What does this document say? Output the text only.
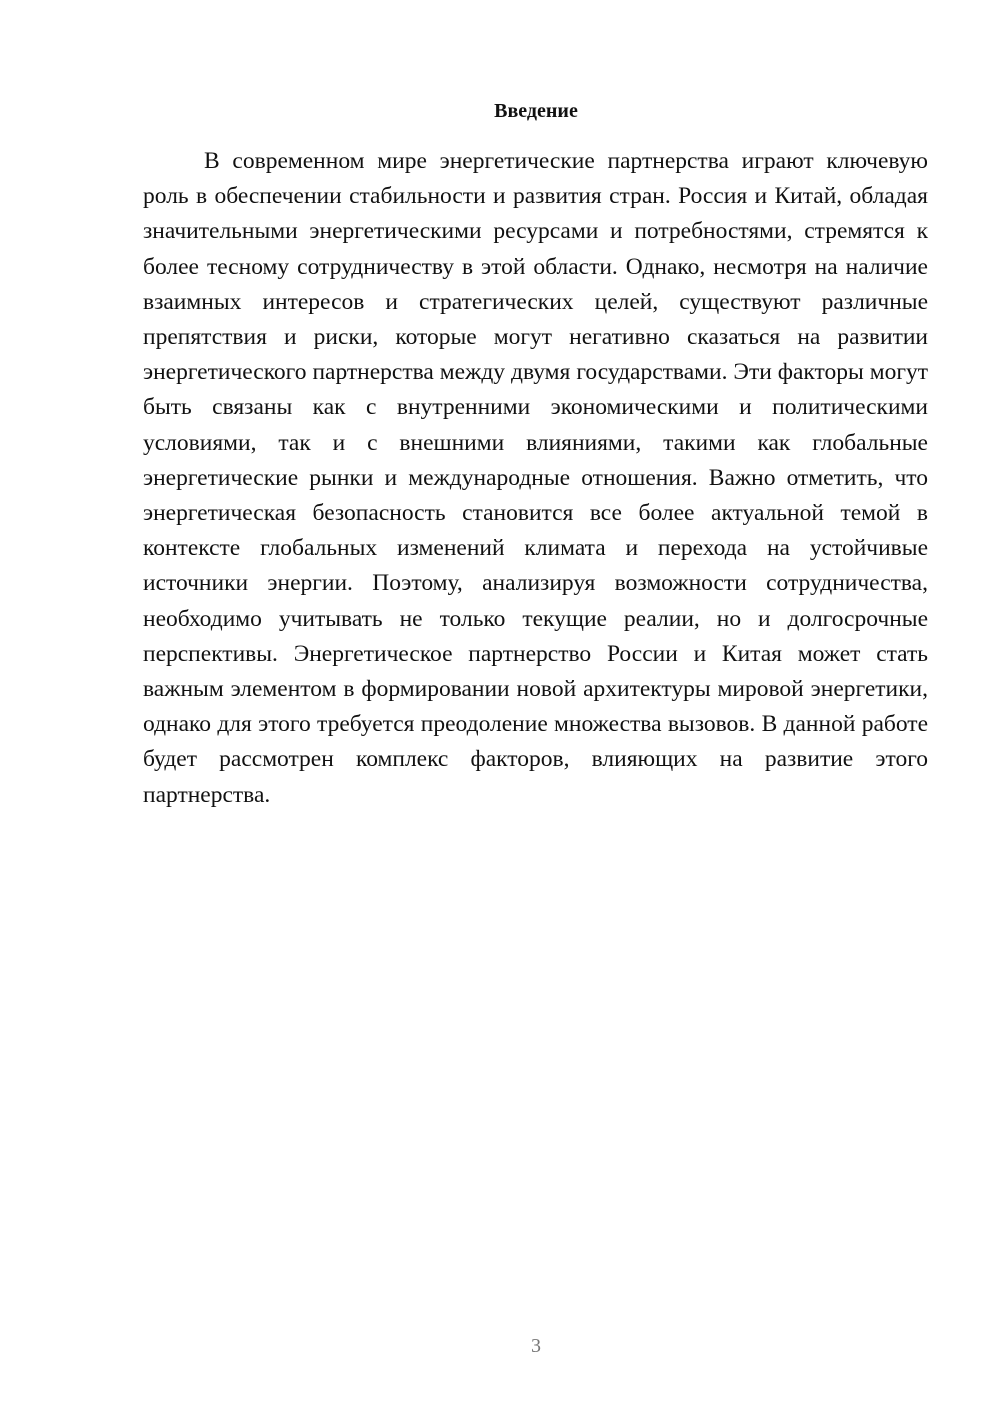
Введение

В современном мире энергетические партнерства играют ключевую роль в обеспечении стабильности и развития стран. Россия и Китай, обладая значительными энергетическими ресурсами и потребностями, стремятся к более тесному сотрудничеству в этой области. Однако, несмотря на наличие взаимных интересов и стратегических целей, существуют различные препятствия и риски, которые могут негативно сказаться на развитии энергетического партнерства между двумя государствами. Эти факторы могут быть связаны как с внутренними экономическими и политическими условиями, так и с внешними влияниями, такими как глобальные энергетические рынки и международные отношения. Важно отметить, что энергетическая безопасность становится все более актуальной темой в контексте глобальных изменений климата и перехода на устойчивые источники энергии. Поэтому, анализируя возможности сотрудничества, необходимо учитывать не только текущие реалии, но и долгосрочные перспективы. Энергетическое партнерство России и Китая может стать важным элементом в формировании новой архитектуры мировой энергетики, однако для этого требуется преодоление множества вызовов. В данной работе будет рассмотрен комплекс факторов, влияющих на развитие этого партнерства.

3
